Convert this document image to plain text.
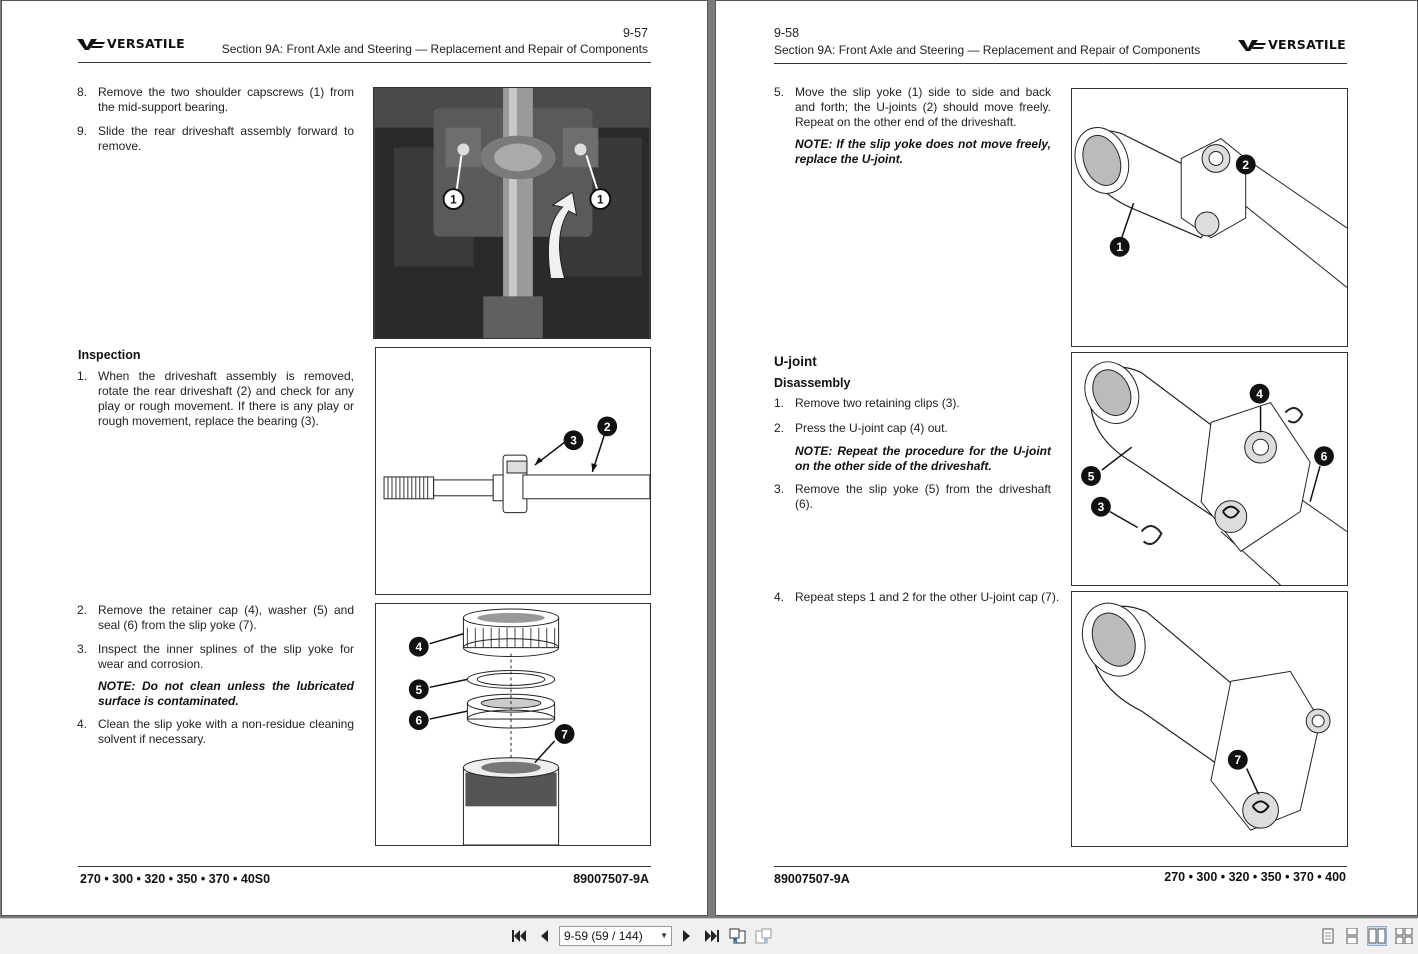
VERSATILE
9-57
Section 9A: Front Axle and Steering — Replacement and Repair of Components
8. Remove the two shoulder capscrews (1) from the mid-support bearing.
9. Slide the rear driveshaft assembly forward to remove.
1	1
Inspection
1. When the driveshaft assembly is removed, rotate the rear driveshaft (2) and check for any play or rough movement. If there is any play or rough movement, replace the bearing (3).
3
2
2. Remove the retainer cap (4), washer (5) and seal (6) from the slip yoke (7).
3. Inspect the inner splines of the slip yoke for wear and corrosion.
NOTE: Do not clean unless the lubricated surface is contaminated.
4. Clean the slip yoke with a non-residue cleaning solvent if necessary.
4
5
6
7
270 • 300 • 320 • 350 • 370 • 40S0	89007507-9A
9-58
Section 9A: Front Axle and Steering — Replacement and Repair of Components	VERSATILE
5. Move the slip yoke (1) side to side and back and forth; the U-joints (2) should move freely. Repeat on the other end of the driveshaft.
NOTE: If the slip yoke does not move freely, replace the U-joint.	2
1
U-joint
Disassembly
1. Remove two retaining clips (3).
2. Press the U-joint cap (4) out.
NOTE: Repeat the procedure for the U-joint on the other side of the driveshaft.
3. Remove the slip yoke (5) from the driveshaft (6).
4
6
5
3
4. Repeat steps 1 and 2 for the other U-joint cap (7).
7
89007507-9A	270 • 300 • 320 • 350 • 370 • 400
9-59 (59 / 144) ▼
